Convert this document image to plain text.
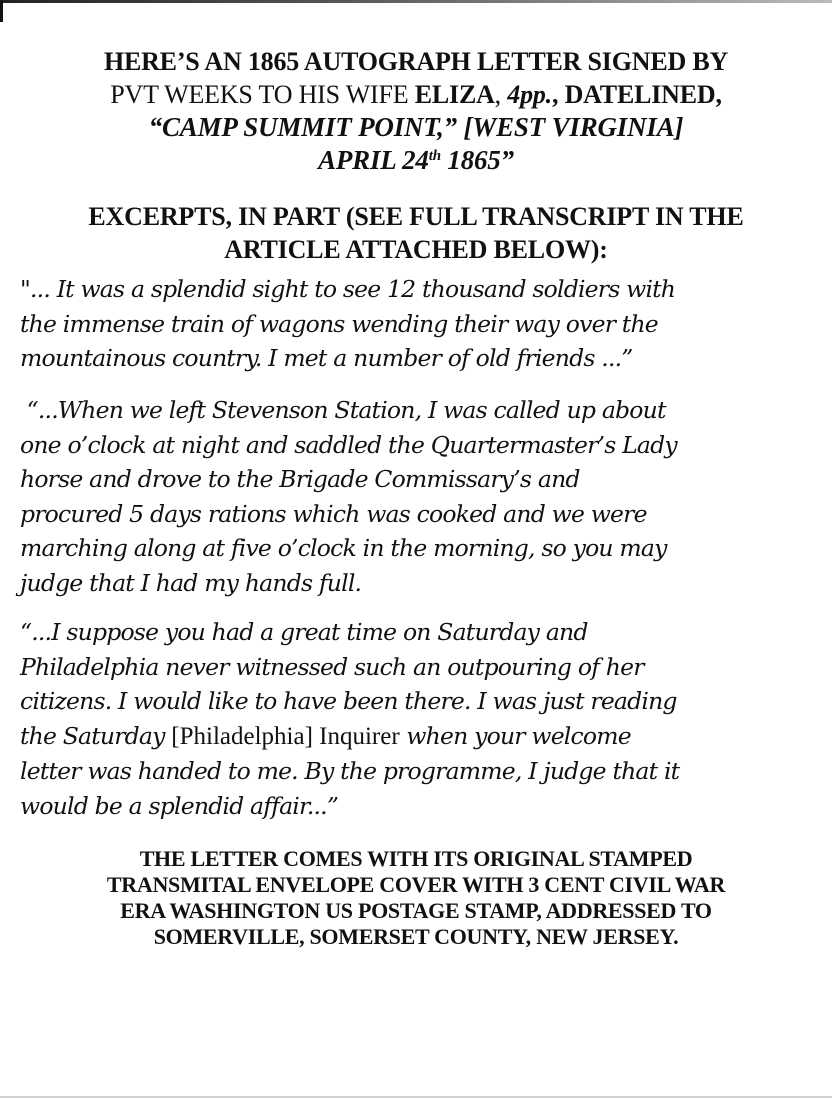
HERE’S AN 1865 AUTOGRAPH LETTER SIGNED BY
PVT WEEKS TO HIS WIFE ELIZA, 4pp., DATELINED,
“CAMP SUMMIT POINT,” [WEST VIRGINIA]
APRIL 24th 1865”
EXCERPTS, IN PART (SEE FULL TRANSCRIPT IN THE
ARTICLE ATTACHED BELOW):
"... It was a splendid sight to see 12 thousand soldiers with
the immense train of wagons wending their way over the
mountainous country. I met a number of old friends ...”
“...When we left Stevenson Station, I was called up about
one o’clock at night and saddled the Quartermaster’s Lady
horse and drove to the Brigade Commissary’s and
procured 5 days rations which was cooked and we were
marching along at five o’clock in the morning, so you may
judge that I had my hands full.
“...I suppose you had a great time on Saturday and
Philadelphia never witnessed such an outpouring of her
citizens. I would like to have been there. I was just reading
the Saturday [Philadelphia] Inquirer when your welcome
letter was handed to me. By the programme, I judge that it
would be a splendid affair...”
THE LETTER COMES WITH ITS ORIGINAL STAMPED
TRANSMITAL ENVELOPE COVER WITH 3 CENT CIVIL WAR
ERA WASHINGTON US POSTAGE STAMP, ADDRESSED TO
SOMERVILLE, SOMERSET COUNTY, NEW JERSEY.
